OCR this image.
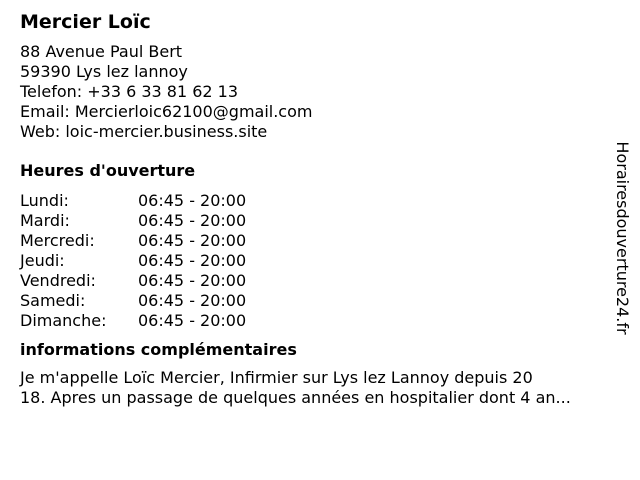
Mercier Loïc
88 Avenue Paul Bert
59390 Lys lez lannoy
Telefon: +33 6 33 81 62 13
Email: Mercierloic62100@gmail.com
Web: loic-mercier.business.site
Heures d'ouverture
Lundi:	06:45 - 20:00
Mardi:	06:45 - 20:00
Mercredi:	06:45 - 20:00
Jeudi:	06:45 - 20:00
Vendredi:	06:45 - 20:00
Samedi:	06:45 - 20:00
Dimanche:	06:45 - 20:00
informations complémentaires
Je m'appelle Loïc Mercier, Infirmier sur Lys lez Lannoy depuis 20
18. Apres un passage de quelques années en hospitalier dont 4 an...
Horairesdouverture24.fr
